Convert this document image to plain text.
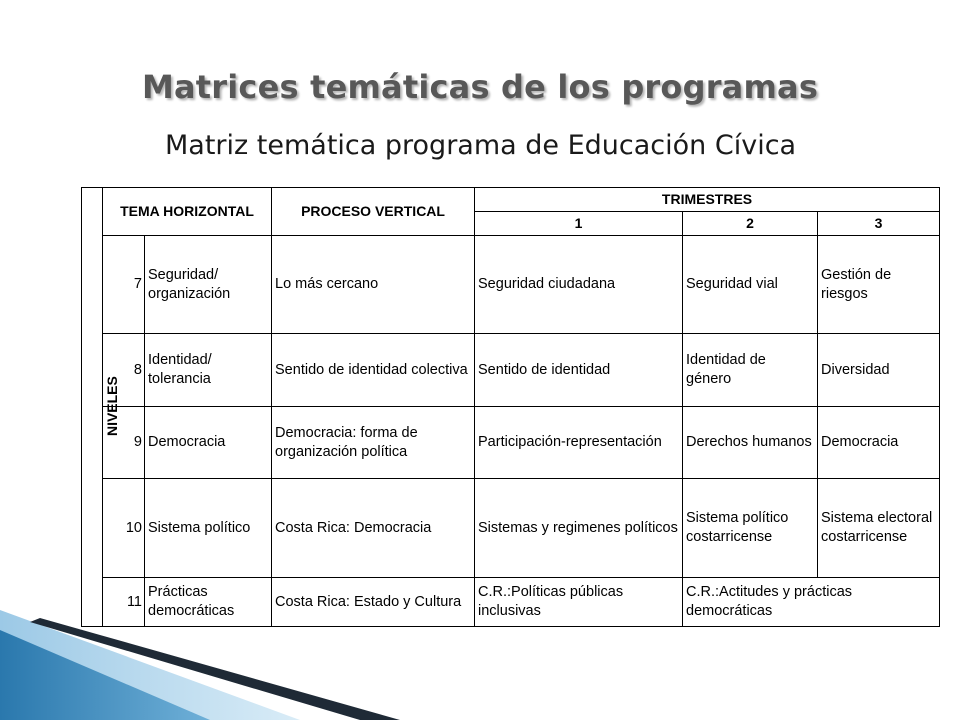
Matrices temáticas de los programas
Matriz temática programa de Educación Cívica
NIVELES	TEMA HORIZONTAL		PROCESO VERTICAL	TRIMESTRES		
				1	2	3
	7	Seguridad/ organización	Lo más cercano	Seguridad ciudadana	Seguridad vial	Gestión de riesgos
	8	Identidad/ tolerancia	Sentido de identidad colectiva	Sentido de identidad	Identidad de género	Diversidad
	9	Democracia	Democracia: forma de organización política	Participación-representación	Derechos humanos	Democracia
	10	Sistema político	Costa Rica: Democracia	Sistemas y regimenes políticos	Sistema político costarricense	Sistema electoral costarricense
	11	Prácticas democráticas	Costa Rica: Estado y Cultura	C.R.:Políticas públicas inclusivas	C.R.:Actitudes y prácticas democráticas	
